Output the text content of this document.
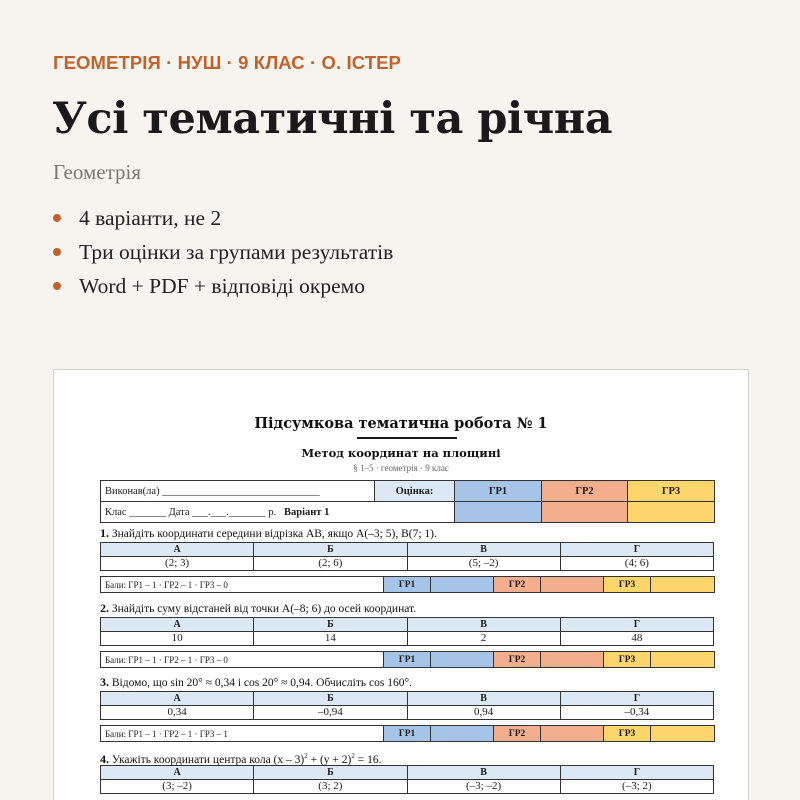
ГЕОМЕТРІЯ · НУШ · 9 КЛАС · О. ІСТЕР
Усі тематичні та річна
Геометрія
4 варіанти, не 2
Три оцінки за групами результатів
Word + PDF + відповіді окремо
Підсумкова тематична робота № 1
Метод координат на площині
§ 1–5 · геометрія · 9 клас
Виконав(ла) ______________________________	Оцінка:	ГР1	ГР2	ГР3
Клас _______ Дата ___.___._______ р. Варіант 1				
1. Знайдіть координати середини відрізка AB, якщо A(–3; 5), B(7; 1).
А	Б	В	Г
(2; 3)	(2; 6)	(5; –2)	(4; 6)
Бали: ГР1 – 1 · ГР2 – 1 · ГР3 – 0	ГР1		ГР2		ГР3	
2. Знайдіть суму відстаней від точки A(–8; 6) до осей координат.
А	Б	В	Г
10	14	2	48
Бали: ГР1 – 1 · ГР2 – 1 · ГР3 – 0	ГР1		ГР2		ГР3	
3. Відомо, що sin 20° ≈ 0,34 і cos 20° ≈ 0,94. Обчисліть cos 160°.
А	Б	В	Г
0,34	–0,94	0,94	–0,34
Бали: ГР1 – 1 · ГР2 – 1 · ГР3 – 1	ГР1		ГР2		ГР3	
4. Укажіть координати центра кола $(x - 3)^2 + (y + 2)^2 = 16$.
А	Б	В	Г
(3; –2)	(3; 2)	(–3; –2)	(–3; 2)
